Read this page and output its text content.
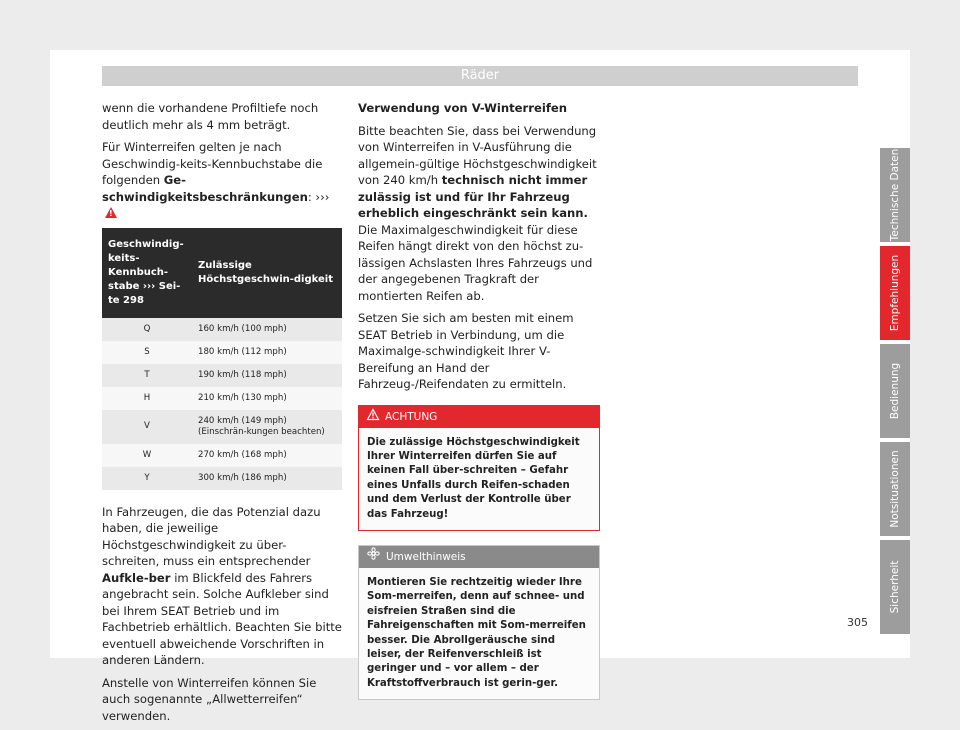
Räder

wenn die vorhandene Profiltiefe noch deutlich mehr als 4 mm beträgt.

Für Winterreifen gelten je nach Geschwindig-keits-Kennbuchstabe die folgenden Ge-schwindigkeitsbeschränkungen: ›››
!

Geschwindig-keits-Kennbuch-stabe ››› Sei-te 298	Zulässige Höchstgeschwin-digkeit
Q	160 km/h (100 mph)
S	180 km/h (112 mph)
T	190 km/h (118 mph)
H	210 km/h (130 mph)
V	240 km/h (149 mph) (Einschrän-kungen beachten)
W	270 km/h (168 mph)
Y	300 km/h (186 mph)

In Fahrzeugen, die das Potenzial dazu haben, die jeweilige Höchstgeschwindigkeit zu über-schreiten, muss ein entsprechender Aufkle-ber im Blickfeld des Fahrers angebracht sein. Solche Aufkleber sind bei Ihrem SEAT Betrieb und im Fachbetrieb erhältlich. Beachten Sie bitte eventuell abweichende Vorschriften in anderen Ländern.

Anstelle von Winterreifen können Sie auch sogenannte „Allwetterreifen“ verwenden.

Verwendung von V-Winterreifen

Bitte beachten Sie, dass bei Verwendung von Winterreifen in V-Ausführung die allgemein-gültige Höchstgeschwindigkeit von 240 km/h technisch nicht immer zulässig ist und für Ihr Fahrzeug erheblich eingeschränkt sein kann. Die Maximalgeschwindigkeit für diese Reifen hängt direkt von den höchst zu-lässigen Achslasten Ihres Fahrzeugs und der angegebenen Tragkraft der montierten Reifen ab.

Setzen Sie sich am besten mit einem SEAT Betrieb in Verbindung, um die Maximalge-schwindigkeit Ihrer V-Bereifung an Hand der Fahrzeug-/Reifendaten zu ermitteln.

ACHTUNG
Die zulässige Höchstgeschwindigkeit Ihrer Winterreifen dürfen Sie auf keinen Fall über-schreiten – Gefahr eines Unfalls durch Reifen-schaden und dem Verlust der Kontrolle über das Fahrzeug!
Umwelthinweis
Montieren Sie rechtzeitig wieder Ihre Som-merreifen, denn auf schnee- und eisfreien Straßen sind die Fahreigenschaften mit Som-merreifen besser. Die Abrollgeräusche sind leiser, der Reifenverschleiß ist geringer und – vor allem – der Kraftstoffverbrauch ist gerin-ger.
Technische Daten
Empfehlungen
Bedienung
Notsituationen
Sicherheit
305
